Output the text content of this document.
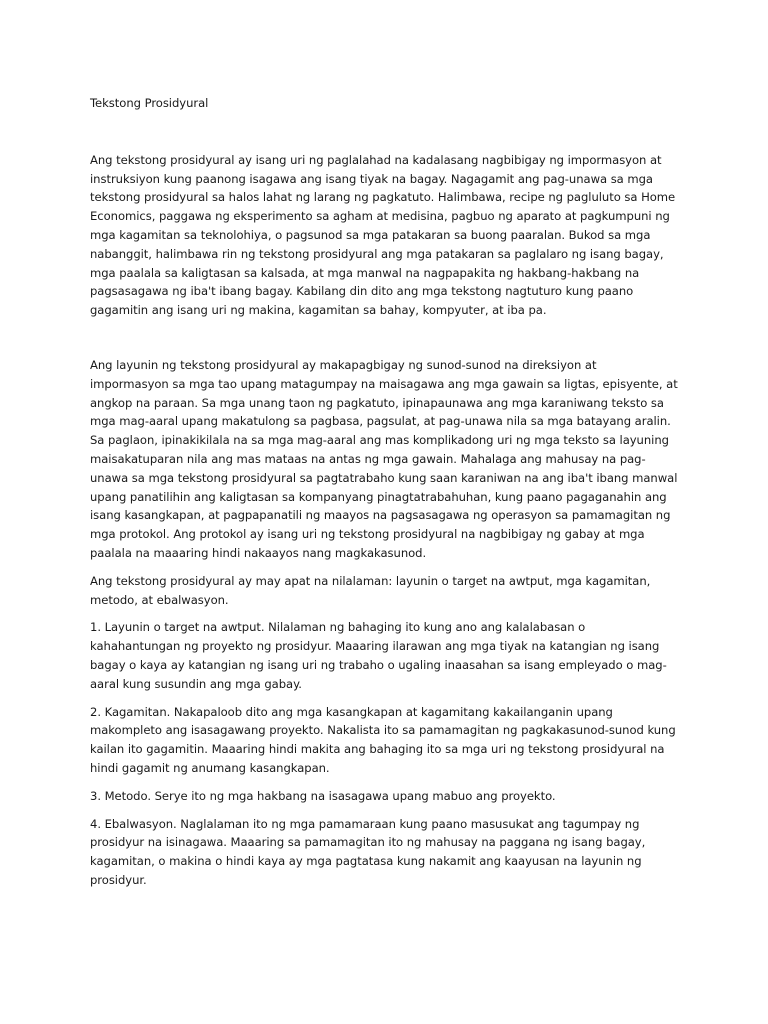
Tekstong Prosidyural

Ang tekstong prosidyural ay isang uri ng paglalahad na kadalasang nagbibigay ng impormasyon at instruksiyon kung paanong isagawa ang isang tiyak na bagay. Nagagamit ang pag-unawa sa mga tekstong prosidyural sa halos lahat ng larang ng pagkatuto. Halimbawa, recipe ng pagluluto sa Home Economics, paggawa ng eksperimento sa agham at medisina, pagbuo ng aparato at pagkumpuni ng mga kagamitan sa teknolohiya, o pagsunod sa mga patakaran sa buong paaralan. Bukod sa mga nabanggit, halimbawa rin ng tekstong prosidyural ang mga patakaran sa paglalaro ng isang bagay, mga paalala sa kaligtasan sa kalsada, at mga manwal na nagpapakita ng hakbang-hakbang na pagsasagawa ng iba't ibang bagay. Kabilang din dito ang mga tekstong nagtuturo kung paano gagamitin ang isang uri ng makina, kagamitan sa bahay, kompyuter, at iba pa.

Ang layunin ng tekstong prosidyural ay makapagbigay ng sunod-sunod na direksiyon at impormasyon sa mga tao upang matagumpay na maisagawa ang mga gawain sa ligtas, episyente, at angkop na paraan. Sa mga unang taon ng pagkatuto, ipinapaunawa ang mga karaniwang teksto sa mga mag-aaral upang makatulong sa pagbasa, pagsulat, at pag-unawa nila sa mga batayang aralin. Sa paglaon, ipinakikilala na sa mga mag-aaral ang mas komplikadong uri ng mga teksto sa layuning maisakatuparan nila ang mas mataas na antas ng mga gawain. Mahalaga ang mahusay na pag-unawa sa mga tekstong prosidyural sa pagtatrabaho kung saan karaniwan na ang iba't ibang manwal upang panatilihin ang kaligtasan sa kompanyang pinagtatrabahuhan, kung paano pagaganahin ang isang kasangkapan, at pagpapanatili ng maayos na pagsasagawa ng operasyon sa pamamagitan ng mga protokol. Ang protokol ay isang uri ng tekstong prosidyural na nagbibigay ng gabay at mga paalala na maaaring hindi nakaayos nang magkakasunod.

Ang tekstong prosidyural ay may apat na nilalaman: layunin o target na awtput, mga kagamitan, metodo, at ebalwasyon.

1. Layunin o target na awtput. Nilalaman ng bahaging ito kung ano ang kalalabasan o kahahantungan ng proyekto ng prosidyur. Maaaring ilarawan ang mga tiyak na katangian ng isang bagay o kaya ay katangian ng isang uri ng trabaho o ugaling inaasahan sa isang empleyado o mag-aaral kung susundin ang mga gabay.

2. Kagamitan. Nakapaloob dito ang mga kasangkapan at kagamitang kakailanganin upang makompleto ang isasagawang proyekto. Nakalista ito sa pamamagitan ng pagkakasunod-sunod kung kailan ito gagamitin. Maaaring hindi makita ang bahaging ito sa mga uri ng tekstong prosidyural na hindi gagamit ng anumang kasangkapan.

3. Metodo. Serye ito ng mga hakbang na isasagawa upang mabuo ang proyekto.

4. Ebalwasyon. Naglalaman ito ng mga pamamaraan kung paano masusukat ang tagumpay ng prosidyur na isinagawa. Maaaring sa pamamagitan ito ng mahusay na paggana ng isang bagay, kagamitan, o makina o hindi kaya ay mga pagtatasa kung nakamit ang kaayusan na layunin ng prosidyur.
